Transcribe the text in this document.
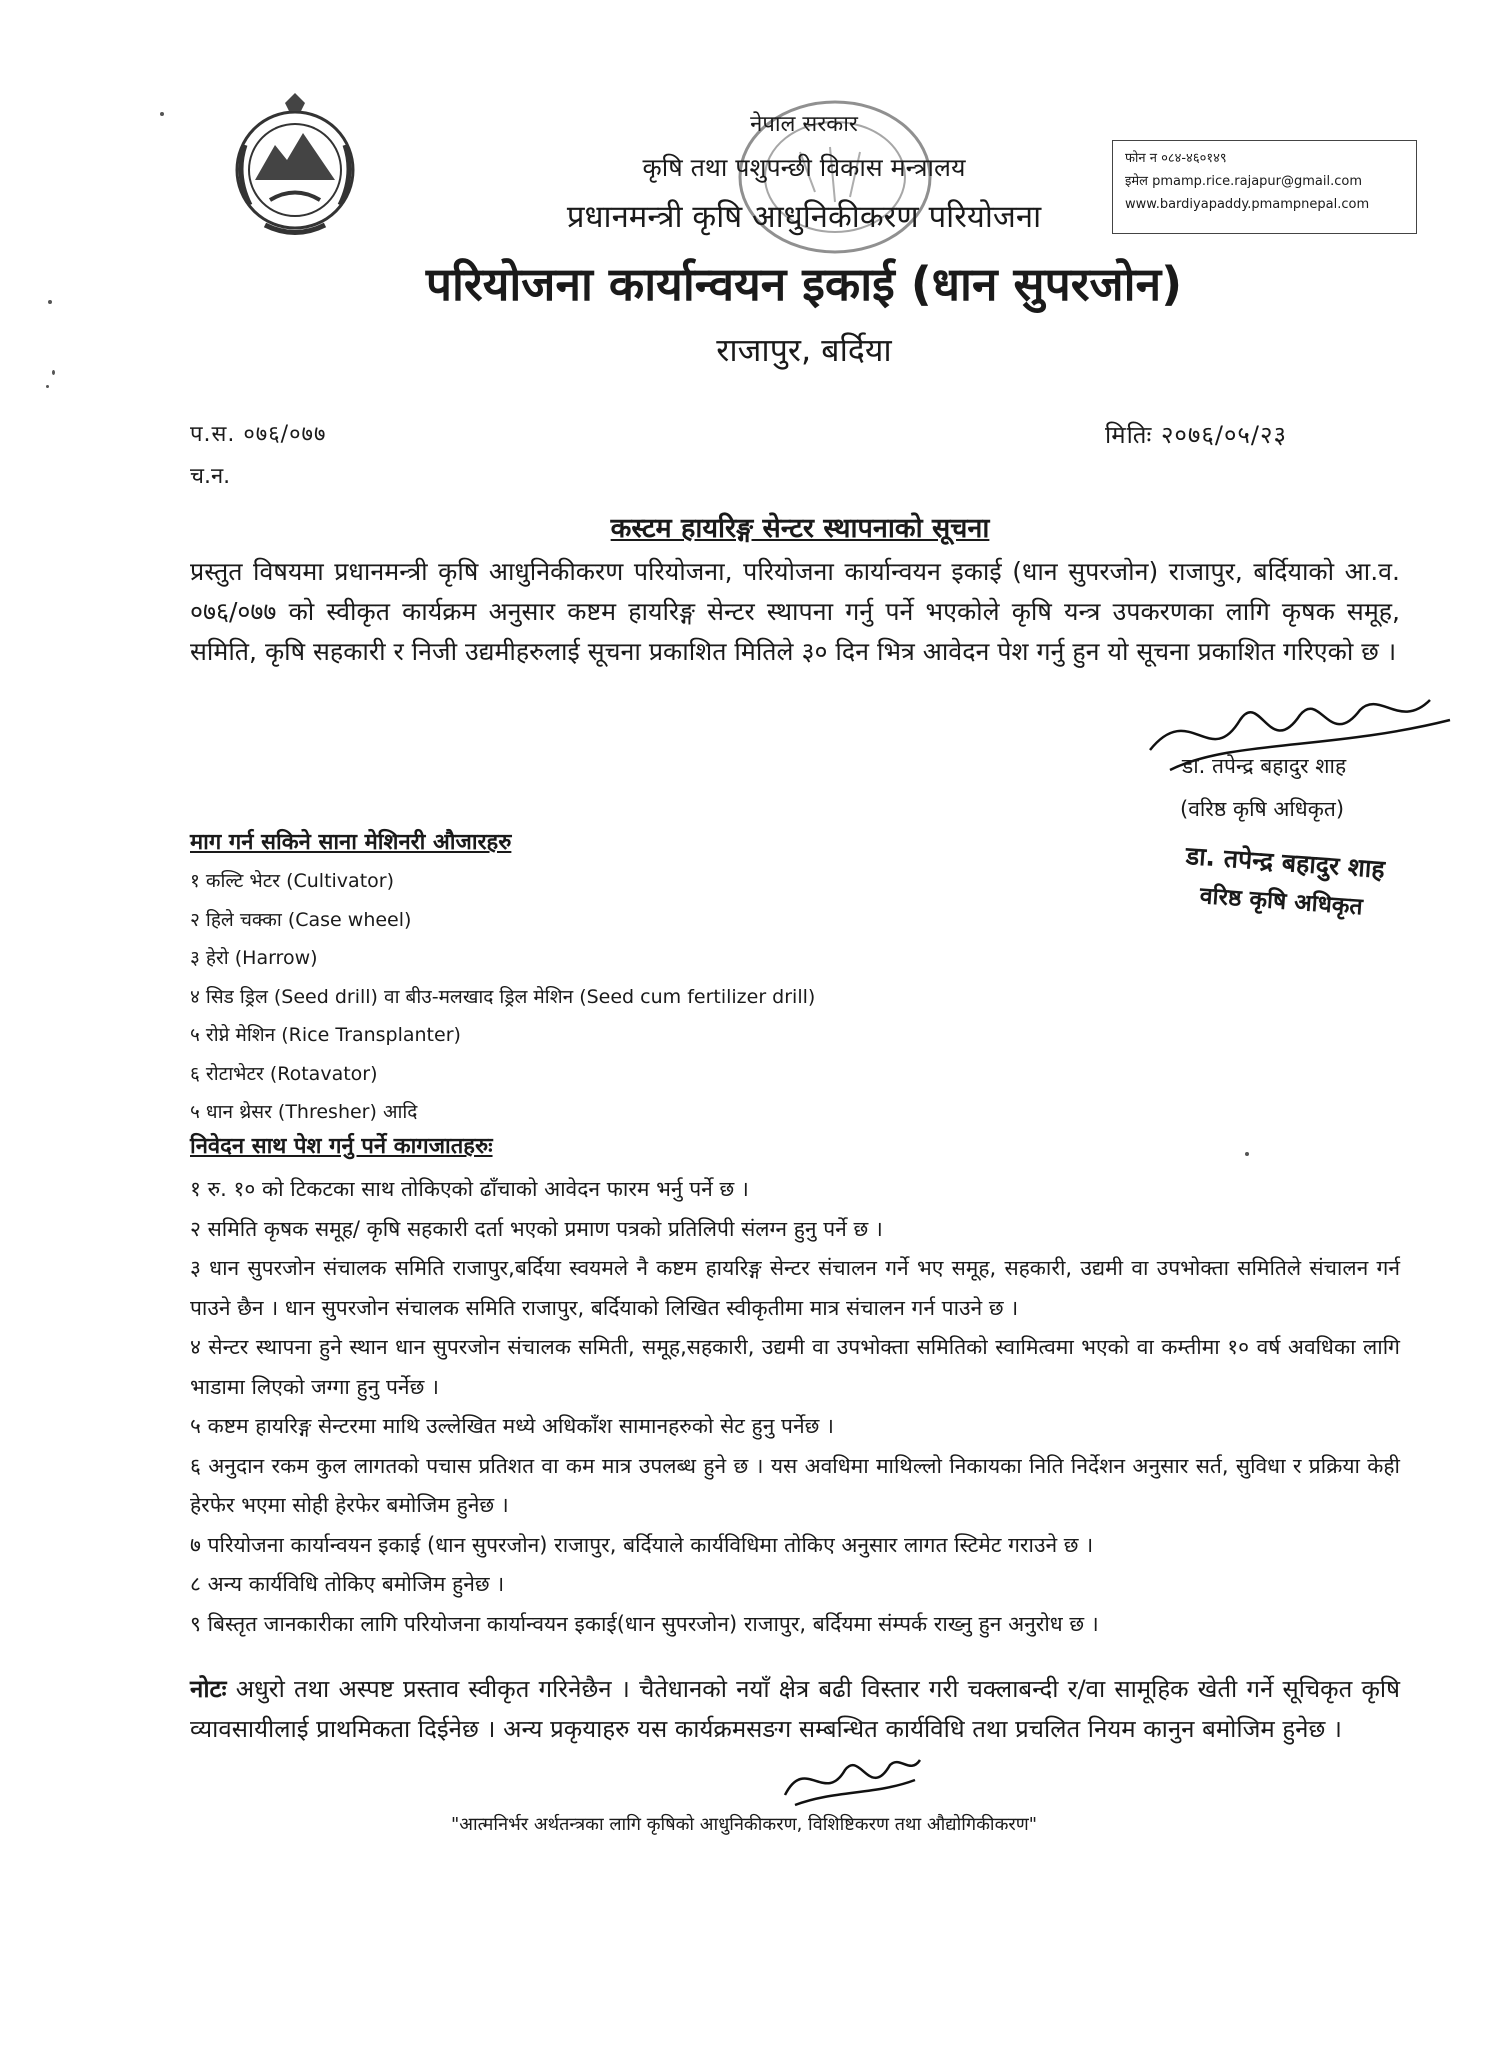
नेपाल सरकार
कृषि तथा पशुपन्छी विकास मन्त्रालय
प्रधानमन्त्री कृषि आधुनिकीकरण परियोजना
परियोजना कार्यान्वयन इकाई (धान सुपरजोन)
राजापुर, बर्दिया
फोन न ०८४-४६०१४९
इमेल pmamp.rice.rajapur@gmail.com
www.bardiyapaddy.pmampnepal.com
प.स. ०७६/०७७
च.न.
मितिः २०७६/०५/२३
कस्टम हायरिङ्ग सेन्टर स्थापनाको सूचना
प्रस्तुत विषयमा प्रधानमन्त्री कृषि आधुनिकीकरण परियोजना, परियोजना कार्यान्वयन इकाई (धान सुपरजोन) राजापुर, बर्दियाको आ.व. ०७६/०७७ को स्वीकृत कार्यक्रम अनुसार कष्टम हायरिङ्ग सेन्टर स्थापना गर्नु पर्ने भएकोले कृषि यन्त्र उपकरणका लागि कृषक समूह, समिति, कृषि सहकारी र निजी उद्यमीहरुलाई सूचना प्रकाशित मितिले ३० दिन भित्र आवेदन पेश गर्नु हुन यो सूचना प्रकाशित गरिएको छ ।
डा. तपेन्द्र बहादुर शाह
(वरिष्ठ कृषि अधिकृत)
डा. तपेन्द्र बहादुर शाह
वरिष्ठ कृषि अधिकृत
माग गर्न सकिने साना मेशिनरी औजारहरु
१ कल्टि भेटर (Cultivator)
२ हिले चक्का (Case wheel)
३ हेरो (Harrow)
४ सिड ड्रिल (Seed drill) वा बीउ-मलखाद ड्रिल मेशिन (Seed cum fertilizer drill)
५ रोप्ने मेशिन (Rice Transplanter)
६ रोटाभेटर (Rotavator)
५ धान थ्रेसर (Thresher) आदि
निवेदन साथ पेश गर्नु पर्ने कागजातहरुः
१ रु. १० को टिकटका साथ तोकिएको ढाँचाको आवेदन फारम भर्नु पर्ने छ ।
२ समिति कृषक समूह/ कृषि सहकारी दर्ता भएको प्रमाण पत्रको प्रतिलिपी संलग्न हुनु पर्ने छ ।
३ धान सुपरजोन संचालक समिति राजापुर,बर्दिया स्वयमले नै कष्टम हायरिङ्ग सेन्टर संचालन गर्ने भए समूह, सहकारी, उद्यमी वा उपभोक्ता समितिले संचालन गर्न पाउने छैन । धान सुपरजोन संचालक समिति राजापुर, बर्दियाको लिखित स्वीकृतीमा मात्र संचालन गर्न पाउने छ ।
४ सेन्टर स्थापना हुने स्थान धान सुपरजोन संचालक समिती, समूह,सहकारी, उद्यमी वा उपभोक्ता समितिको स्वामित्वमा भएको वा कम्तीमा १० वर्ष अवधिका लागि भाडामा लिएको जग्गा हुनु पर्नेछ ।
५ कष्टम हायरिङ्ग सेन्टरमा माथि उल्लेखित मध्ये अधिकाँश सामानहरुको सेट हुनु पर्नेछ ।
६ अनुदान रकम कुल लागतको पचास प्रतिशत वा कम मात्र उपलब्ध हुने छ । यस अवधिमा माथिल्लो निकायका निति निर्देशन अनुसार सर्त, सुविधा र प्रक्रिया केही हेरफेर भएमा सोही हेरफेर बमोजिम हुनेछ ।
७ परियोजना कार्यान्वयन इकाई (धान सुपरजोन) राजापुर, बर्दियाले कार्यविधिमा तोकिए अनुसार लागत स्टिमेट गराउने छ ।
८ अन्य कार्यविधि तोकिए बमोजिम हुनेछ ।
९ बिस्तृत जानकारीका लागि परियोजना कार्यान्वयन इकाई(धान सुपरजोन) राजापुर, बर्दियमा संम्पर्क राख्नु हुन अनुरोध छ ।
नोटः अधुरो तथा अस्पष्ट प्रस्ताव स्वीकृत गरिनेछैन । चैतेधानको नयाँ क्षेत्र बढी विस्तार गरी चक्लाबन्दी र/वा सामूहिक खेती गर्ने सूचिकृत कृषि व्यावसायीलाई प्राथमिकता दिईनेछ । अन्य प्रकृयाहरु यस कार्यक्रमसङग सम्बन्धित कार्यविधि तथा प्रचलित नियम कानुन बमोजिम हुनेछ ।
"आत्मनिर्भर अर्थतन्त्रका लागि कृषिको आधुनिकीकरण, विशिष्टिकरण तथा औद्योगिकीकरण"
